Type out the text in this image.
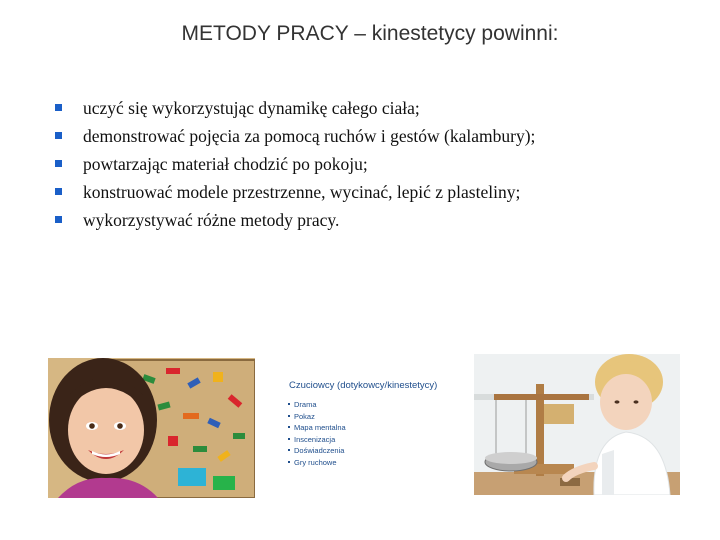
METODY PRACY – kinestetycy powinni:
uczyć się wykorzystując dynamikę całego ciała;
demonstrować pojęcia za pomocą ruchów i gestów (kalambury);
powtarzając materiał chodzić po pokoju;
konstruować modele przestrzenne, wycinać, lepić z plasteliny;
wykorzystywać różne metody pracy.
Czuciowcy (dotykowcy/kinestetycy)
Drama
Pokaz
Mapa mentalna
Inscenizacja
Doświadczenia
Gry ruchowe
